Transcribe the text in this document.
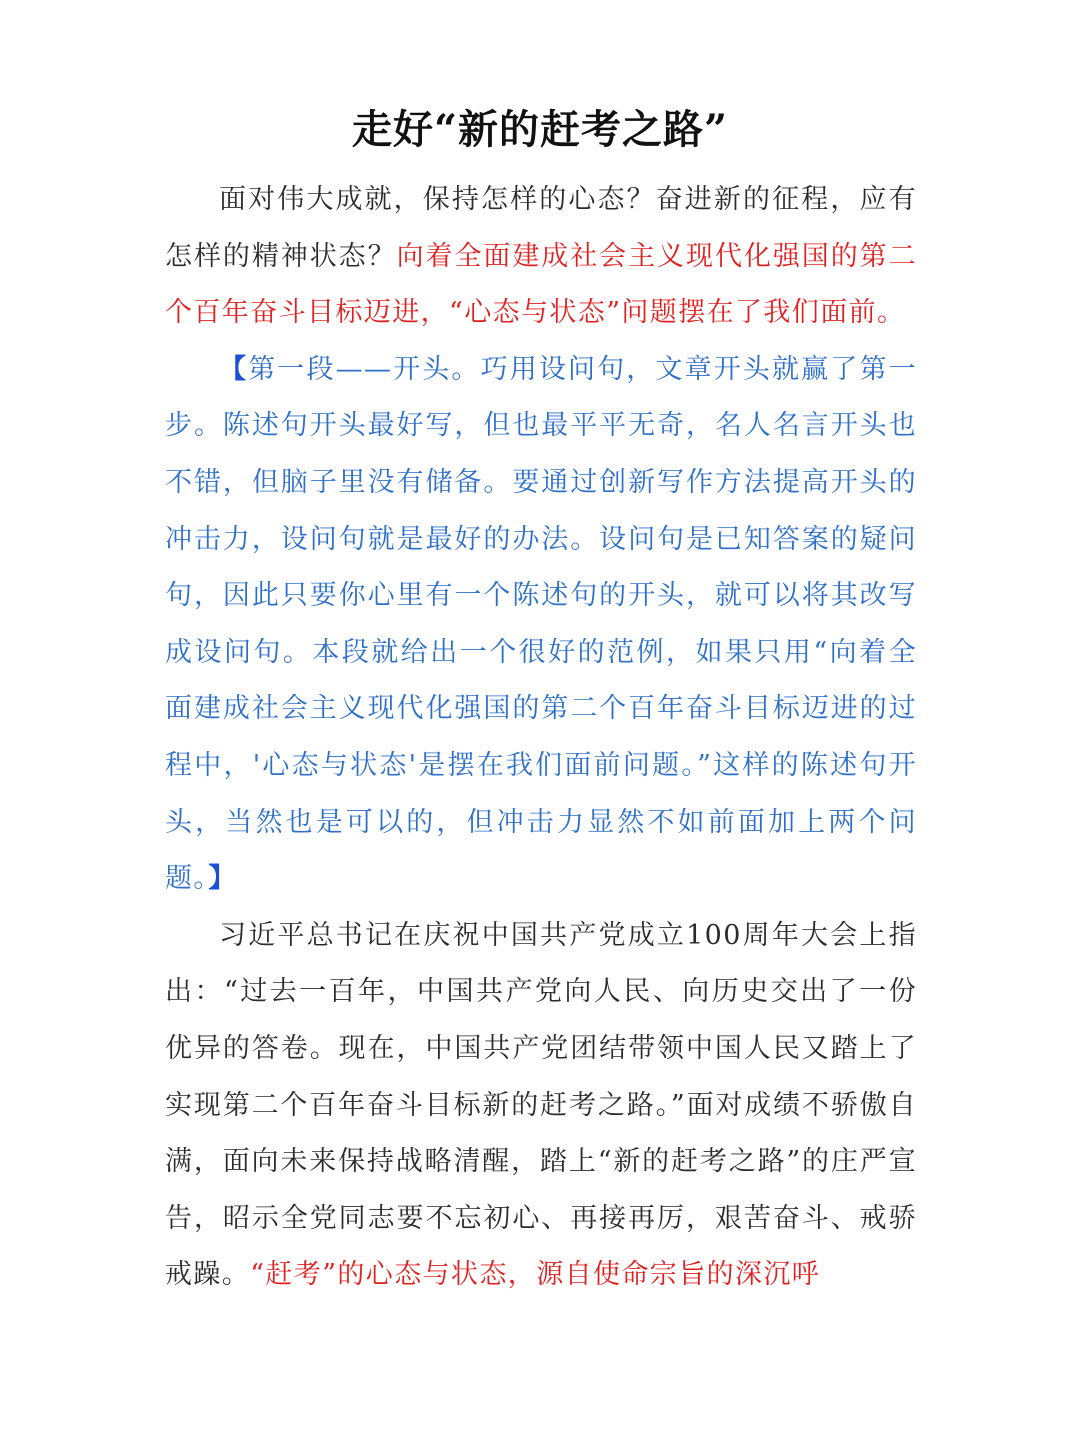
走好“新的赶考之路”

面对伟大成就，保持怎样的心态？奋进新的征程，应有怎样的精神状态？向着全面建成社会主义现代化强国的第二个百年奋斗目标迈进，“心态与状态”问题摆在了我们面前。

【第一段——开头。巧用设问句，文章开头就赢了第一步。陈述句开头最好写，但也最平平无奇，名人名言开头也不错，但脑子里没有储备。要通过创新写作方法提高开头的冲击力，设问句就是最好的办法。设问句是已知答案的疑问句，因此只要你心里有一个陈述句的开头，就可以将其改写成设问句。本段就给出一个很好的范例，如果只用“向着全面建成社会主义现代化强国的第二个百年奋斗目标迈进的过程中，'心态与状态'是摆在我们面前问题。”这样的陈述句开头，当然也是可以的，但冲击力显然不如前面加上两个问题。】

习近平总书记在庆祝中国共产党成立100周年大会上指出：“过去一百年，中国共产党向人民、向历史交出了一份优异的答卷。现在，中国共产党团结带领中国人民又踏上了实现第二个百年奋斗目标新的赶考之路。”面对成绩不骄傲自满，面向未来保持战略清醒，踏上“新的赶考之路”的庄严宣告，昭示全党同志要不忘初心、再接再厉，艰苦奋斗、戒骄戒躁。“赶考”的心态与状态，源自使命宗旨的深沉呼
